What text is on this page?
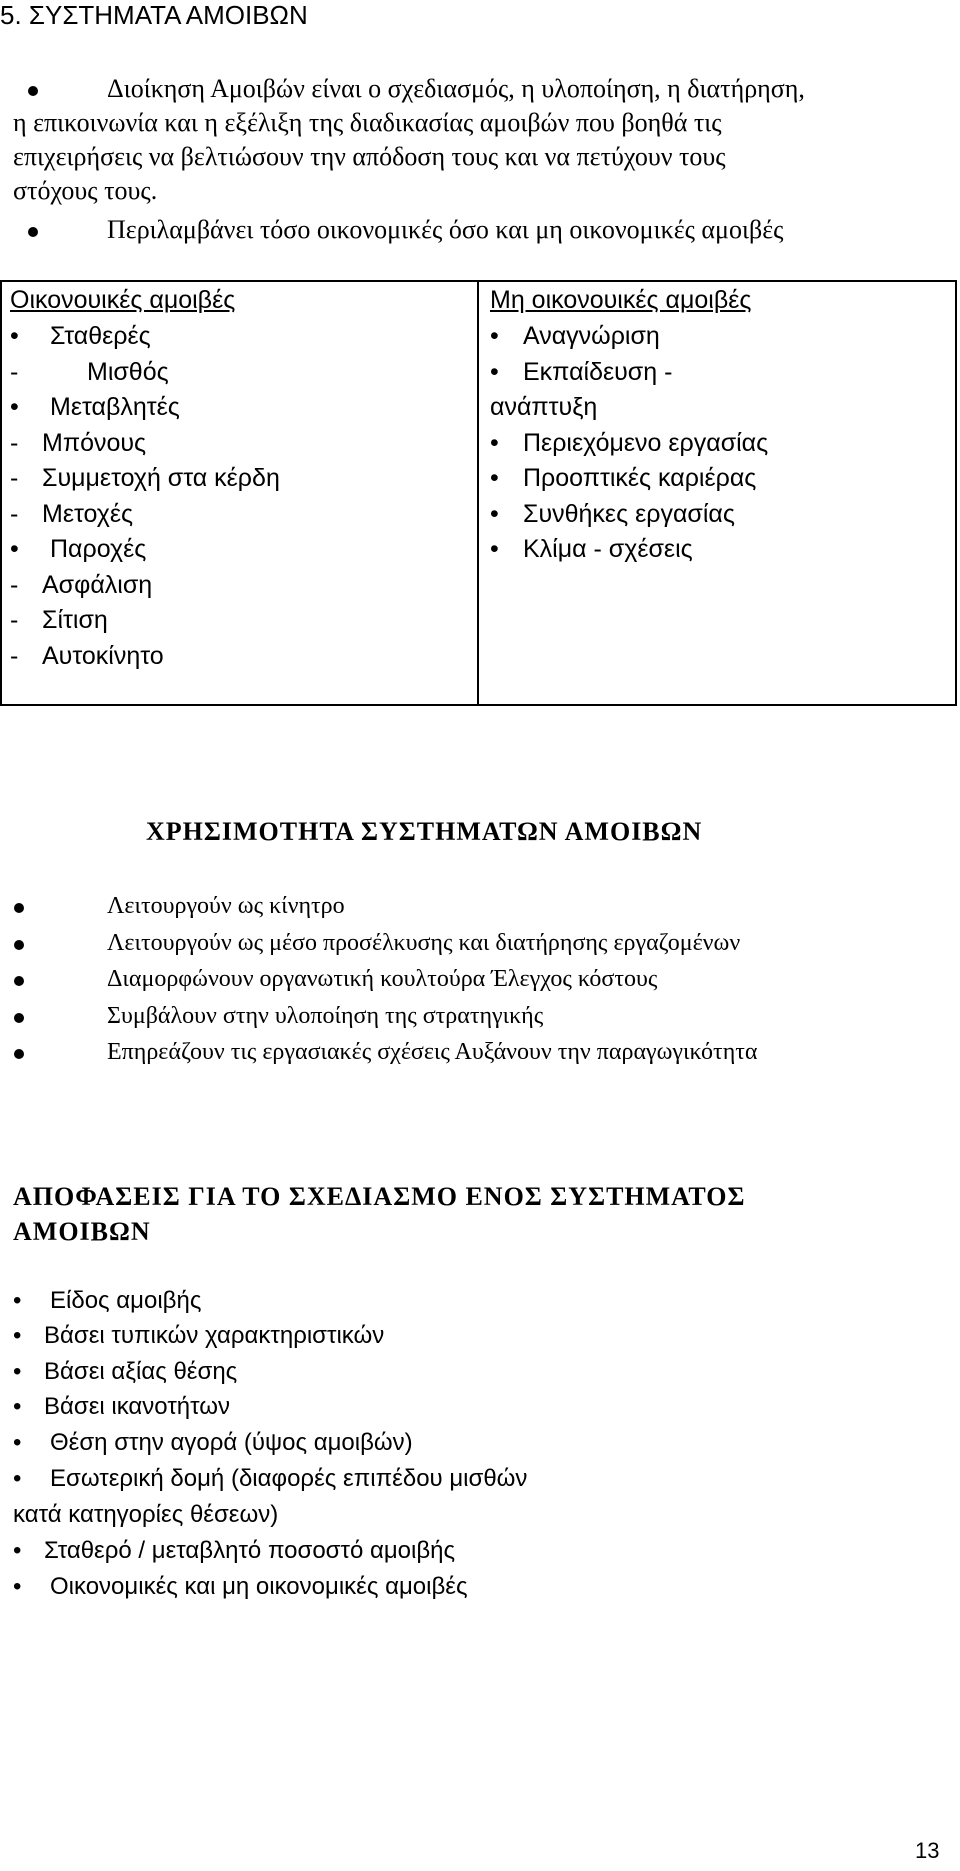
5. ΣΥΣΤΗΜΑΤΑ ΑΜΟΙΒΩΝ
Διοίκηση Αμοιβών είναι ο σχεδιασμός, η υλοποίηση, η διατήρηση,
η επικοινωνία και η εξέλιξη της διαδικασίας αμοιβών που βοηθά τις
επιχειρήσεις να βελτιώσουν την απόδοση τους και να πετύχουν τους
στόχους τους.
Περιλαμβάνει τόσο οικονομικές όσο και μη οικονομικές αμοιβές
Οικονουικές αμοιβές
• Σταθερές
-	Μισθός
• Μεταβλητές
- Μπόνους
- Συμμετοχή στα κέρδη
- Μετοχές
• Παροχές
- Ασφάλιση
- Σίτιση
- Αυτοκίνητο
Μη οικονουικές αμοιβές
• Αναγνώριση
• Εκπαίδευση -
ανάπτυξη
• Περιεχόμενο εργασίας
• Προοπτικές καριέρας
• Συνθήκες εργασίας
• Κλίμα - σχέσεις
ΧΡΗΣΙΜΟΤΗΤΑ ΣΥΣΤΗΜΑΤΩΝ ΑΜΟΙΒΩΝ
Λειτουργούν ως κίνητρο
Λειτουργούν ως μέσο προσέλκυσης και διατήρησης εργαζομένων
Διαμορφώνουν οργανωτική κουλτούρα Έλεγχος κόστους
Συμβάλουν στην υλοποίηση της στρατηγικής
Επηρεάζουν τις εργασιακές σχέσεις Αυξάνουν την παραγωγικότητα
ΑΠΟΦΑΣΕΙΣ ΓΙΑ ΤΟ ΣΧΕΔΙΑΣΜΟ ΕΝΟΣ ΣΥΣΤΗΜΑΤΟΣ
ΑΜΟΙΒΩΝ
• Είδος αμοιβής
• Βάσει τυπικών χαρακτηριστικών
• Βάσει αξίας θέσης
• Βάσει ικανοτήτων
• Θέση στην αγορά (ύψος αμοιβών)
• Εσωτερική δομή (διαφορές επιπέδου μισθών
• Σταθερό / μεταβλητό ποσοστό αμοιβής
• Οικονομικές και μη οικονομικές αμοιβές
κατά κατηγορίες θέσεων)
13
